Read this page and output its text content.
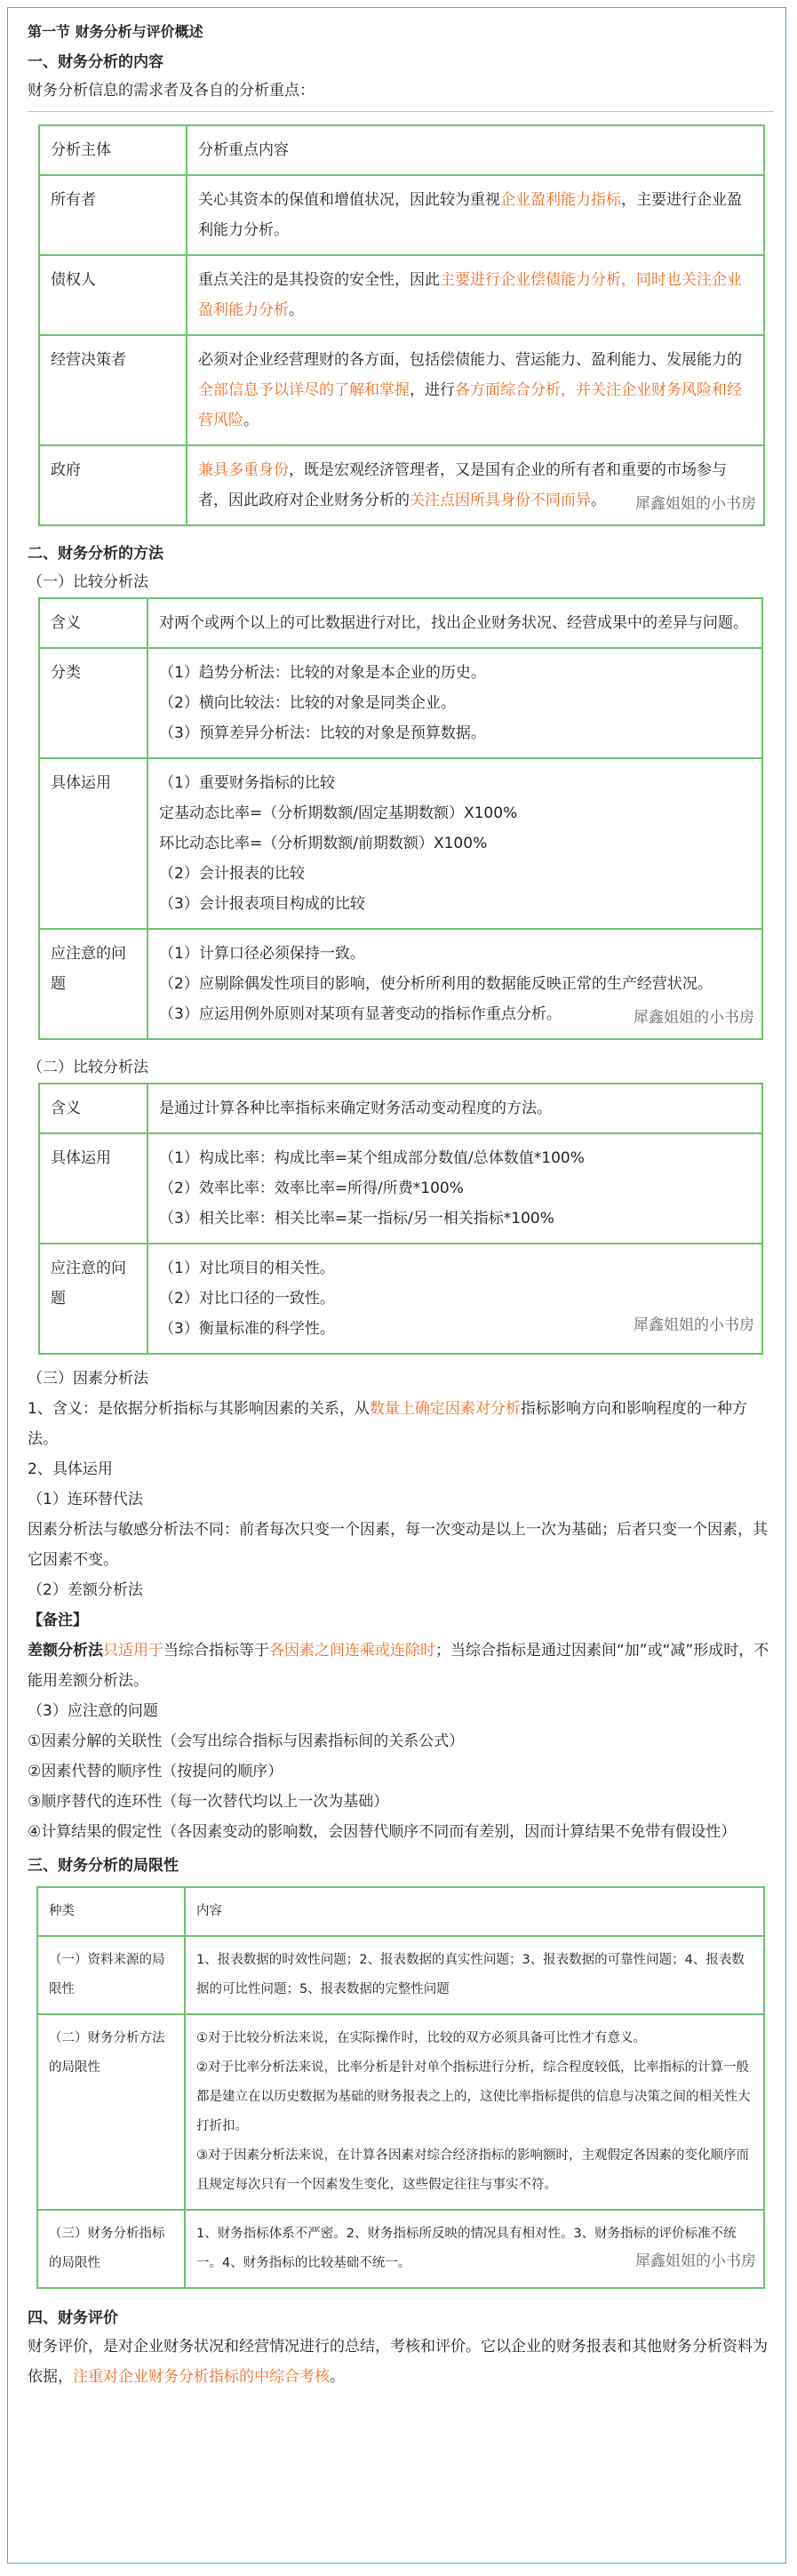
第一节 财务分析与评价概述
一、财务分析的内容
财务分析信息的需求者及各自的分析重点：
分析主体	分析重点内容
所有者	关心其资本的保值和增值状况，因此较为重视企业盈利能力指标，主要进行企业盈利能力分析。
债权人	重点关注的是其投资的安全性，因此主要进行企业偿债能力分析，同时也关注企业盈利能力分析。
经营决策者	必须对企业经营理财的各方面，包括偿债能力、营运能力、盈利能力、发展能力的全部信息予以详尽的了解和掌握，进行各方面综合分析，并关注企业财务风险和经营风险。
政府	兼具多重身份，既是宏观经济管理者，又是国有企业的所有者和重要的市场参与者，因此政府对企业财务分析的关注点因所具身份不同而异。 犀鑫姐姐的小书房
二、财务分析的方法
（一）比较分析法
含义	对两个或两个以上的可比数据进行对比，找出企业财务状况、经营成果中的差异与问题。

分类	（1）趋势分析法：比较的对象是本企业的历史。
（2）横向比较法：比较的对象是同类企业。
（3）预算差异分析法：比较的对象是预算数据。

具体运用	（1）重要财务指标的比较
定基动态比率=（分析期数额/固定基期数额）X100%
环比动态比率=（分析期数额/前期数额）X100%
（2）会计报表的比较
（3）会计报表项目构成的比较

应注意的问题	（1）计算口径必须保持一致。
（2）应剔除偶发性项目的影响，使分析所利用的数据能反映正常的生产经营状况。
（3）应运用例外原则对某项有显著变动的指标作重点分析。 犀鑫姐姐的小书房
（二）比较分析法
含义	是通过计算各种比率指标来确定财务活动变动程度的方法。

具体运用	（1）构成比率：构成比率=某个组成部分数值/总体数值*100%
（2）效率比率：效率比率=所得/所费*100%
（3）相关比率：相关比率=某一指标/另一相关指标*100%

应注意的问题	（1）对比项目的相关性。
（2）对比口径的一致性。
（3）衡量标准的科学性。 犀鑫姐姐的小书房
（三）因素分析法
1、含义：是依据分析指标与其影响因素的关系，从数量上确定因素对分析指标影响方向和影响程度的一种方法。
2、具体运用
（1）连环替代法
因素分析法与敏感分析法不同：前者每次只变一个因素，每一次变动是以上一次为基础；后者只变一个因素，其它因素不变。
（2）差额分析法
【备注】
差额分析法只适用于当综合指标等于各因素之间连乘或连除时；当综合指标是通过因素间“加”或“减”形成时，不能用差额分析法。
（3）应注意的问题
①因素分解的关联性（会写出综合指标与因素指标间的关系公式）
②因素代替的顺序性（按提问的顺序）
③顺序替代的连环性（每一次替代均以上一次为基础）
④计算结果的假定性（各因素变动的影响数，会因替代顺序不同而有差别，因而计算结果不免带有假设性）
三、财务分析的局限性
种类	内容
（一）资料来源的局限性	1、报表数据的时效性问题；2、报表数据的真实性问题；3、报表数据的可靠性问题；4、报表数据的可比性问题；5、报表数据的完整性问题

（二）财务分析方法的局限性	①对于比较分析法来说，在实际操作时，比较的双方必须具备可比性才有意义。
②对于比率分析法来说，比率分析是针对单个指标进行分析，综合程度较低，比率指标的计算一般都是建立在以历史数据为基础的财务报表之上的，这使比率指标提供的信息与决策之间的相关性大打折扣。
③对于因素分析法来说，在计算各因素对综合经济指标的影响额时，主观假定各因素的变化顺序而且规定每次只有一个因素发生变化，这些假定往往与事实不符。

（三）财务分析指标的局限性	1、财务指标体系不严密。2、财务指标所反映的情况具有相对性。3、财务指标的评价标准不统一。4、财务指标的比较基础不统一。 犀鑫姐姐的小书房
四、财务评价
财务评价，是对企业财务状况和经营情况进行的总结，考核和评价。它以企业的财务报表和其他财务分析资料为依据，注重对企业财务分析指标的中综合考核。
